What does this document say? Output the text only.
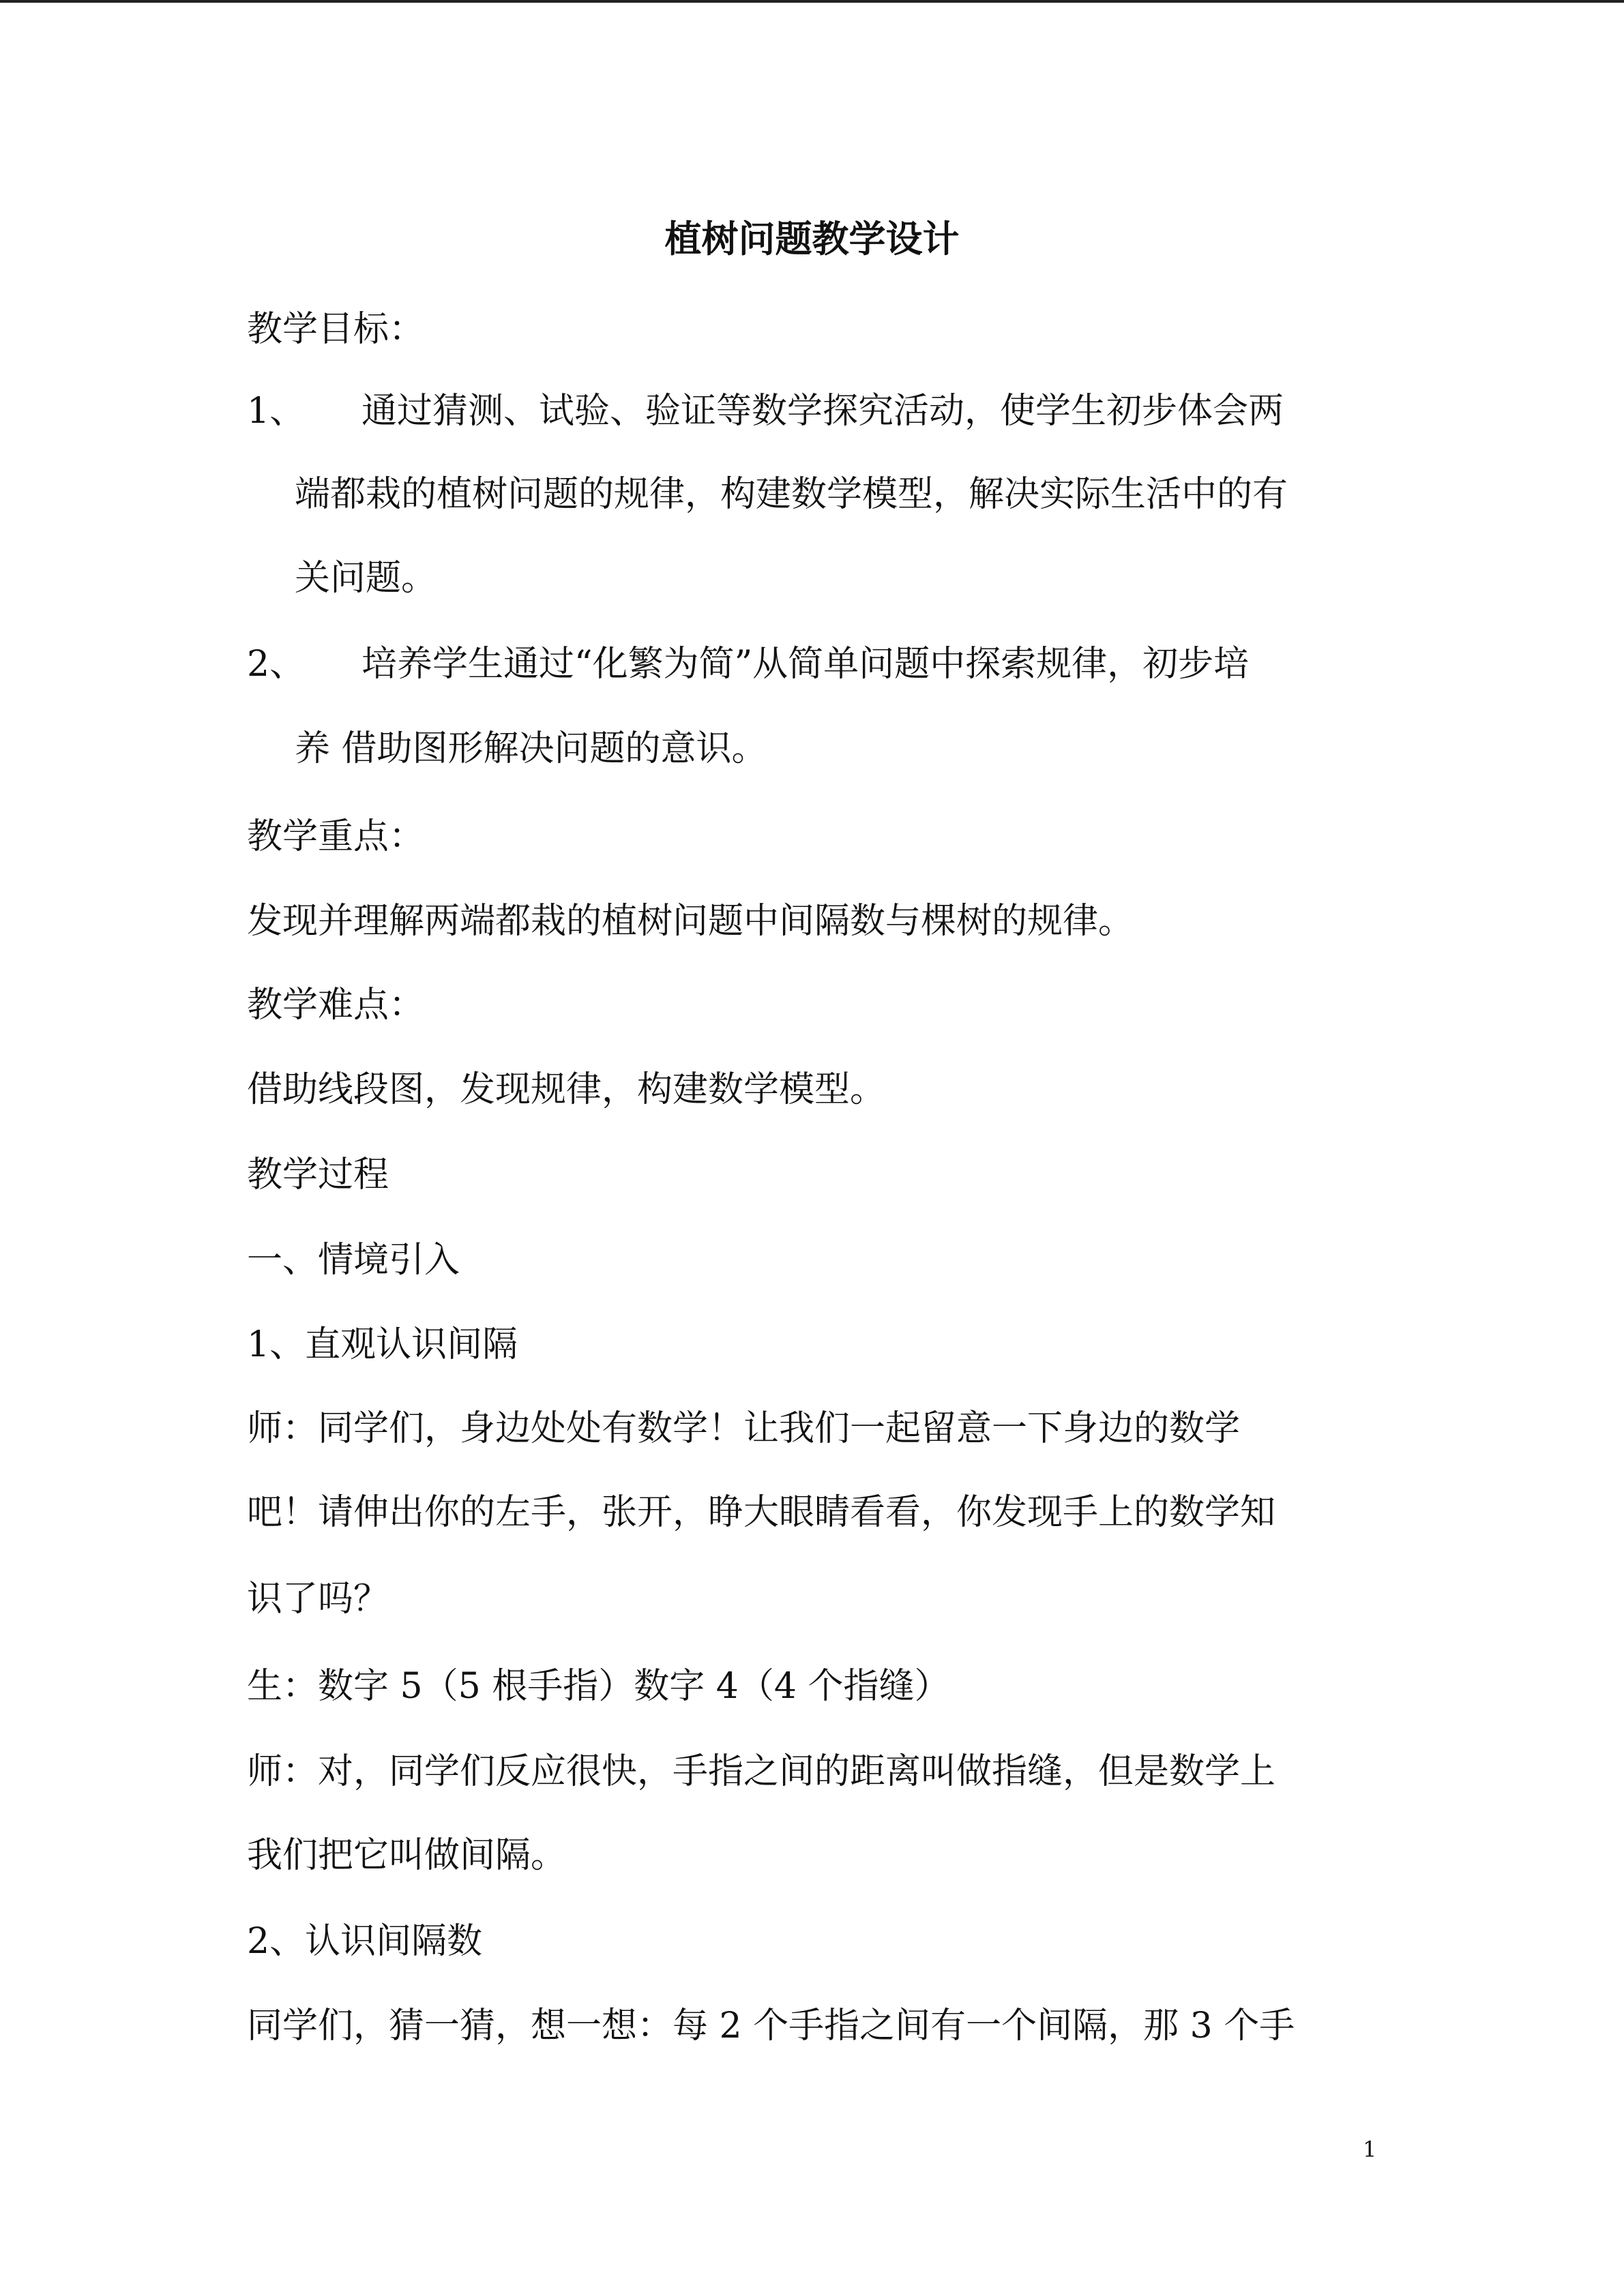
植树问题教学设计
教学目标：
1、 通过猜测、试验、验证等数学探究活动，使学生初步体会两
端都栽的植树问题的规律，构建数学模型，解决实际生活中的有
关问题。
2、 培养学生通过“化繁为简”从简单问题中探索规律，初步培
养 借助图形解决问题的意识。
教学重点：
发现并理解两端都栽的植树问题中间隔数与棵树的规律。
教学难点：
借助线段图，发现规律，构建数学模型。
教学过程
一、情境引入
1、直观认识间隔
师：同学们，身边处处有数学！让我们一起留意一下身边的数学
吧！请伸出你的左手，张开，睁大眼睛看看，你发现手上的数学知
识了吗？
生：数字 5（5 根手指）数字 4（4 个指缝）
师：对，同学们反应很快，手指之间的距离叫做指缝，但是数学上
我们把它叫做间隔。
2、认识间隔数
同学们，猜一猜，想一想：每 2 个手指之间有一个间隔，那 3 个手
1
